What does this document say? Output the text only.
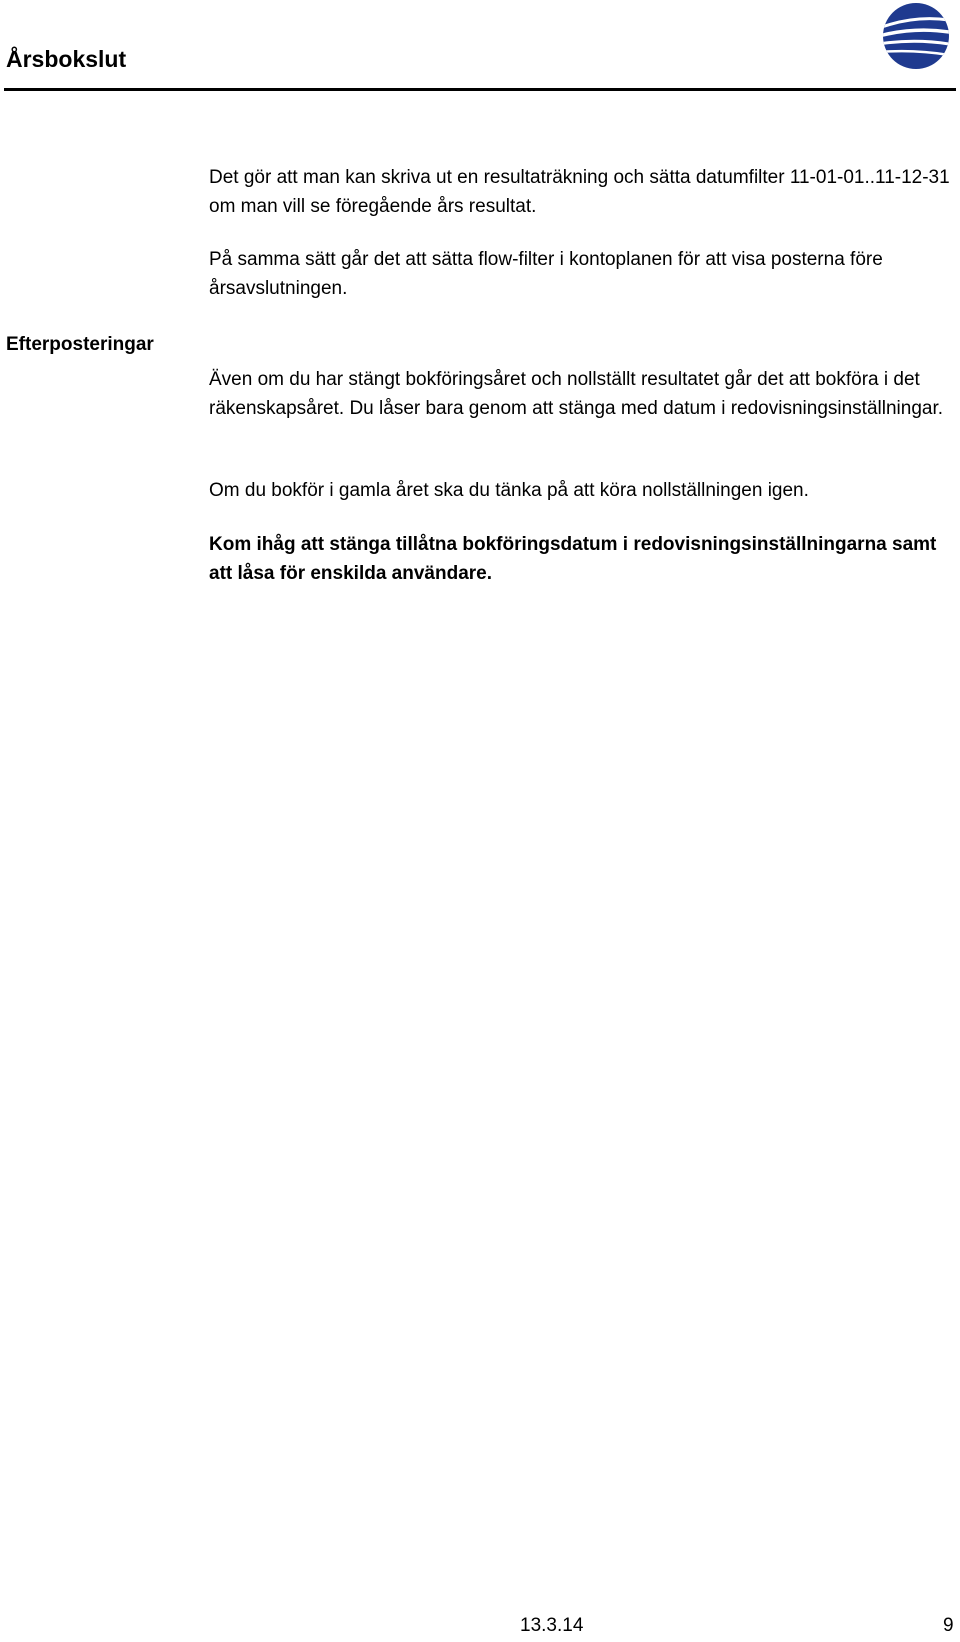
Årsbokslut

Det gör att man kan skriva ut en resultaträkning och sätta datumfilter 11-01-01..11-12-31 om man vill se föregående års resultat.

På samma sätt går det att sätta flow-filter i kontoplanen för att visa posterna före årsavslutningen.

Efterposteringar

Även om du har stängt bokföringsåret och nollställt resultatet går det att bokföra i det räkenskapsåret. Du låser bara genom att stänga med datum i redovisningsinställningar.

Om du bokför i gamla året ska du tänka på att köra nollställningen igen.

Kom ihåg att stänga tillåtna bokföringsdatum i redovisningsinställningarna samt att låsa för enskilda användare.

13.3.14	9
